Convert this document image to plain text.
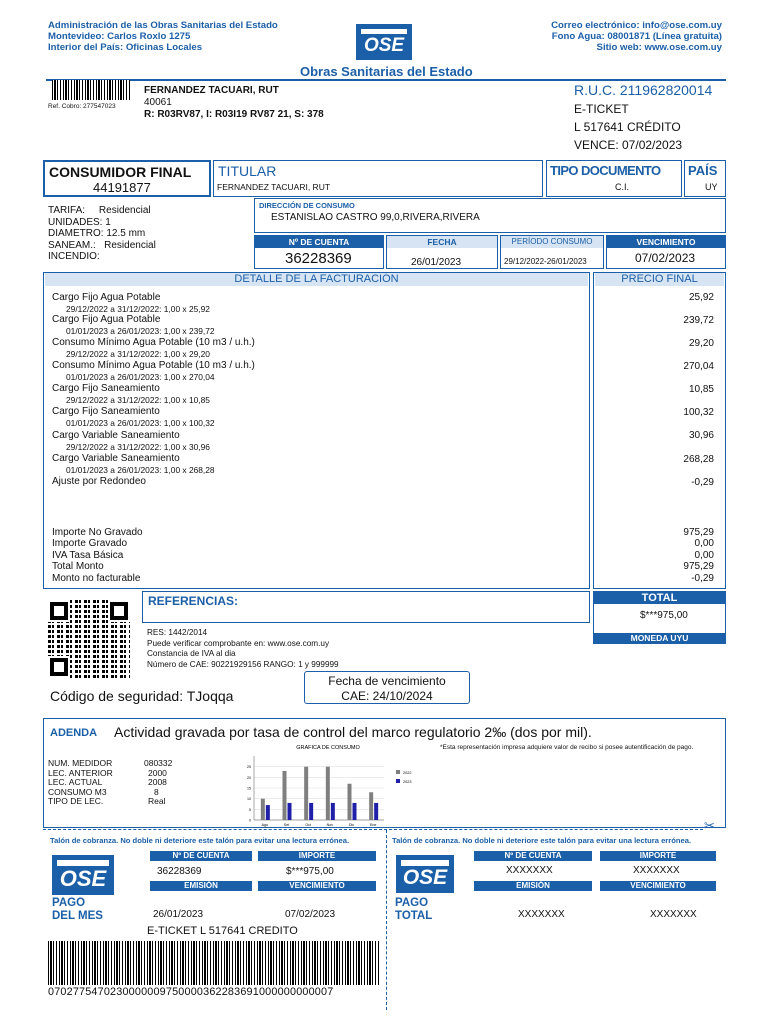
Administración de las Obras Sanitarias del Estado
Montevideo: Carlos Roxlo 1275
Interior del País: Oficinas Locales
Correo electrónico: info@ose.com.uy
Fono Agua: 08001871 (Línea gratuita)
Sitio web: www.ose.com.uy
OSE
Obras Sanitarias del Estado
Ref. Cobro: 277547023
FERNANDEZ TACUARI, RUT
40061
R: R03RV87, I: R03I19 RV87 21, S: 378
R.U.C. 211962820014
E-TICKET
L 517641 CRÉDITO
VENCE: 07/02/2023
CONSUMIDOR FINAL
44191877
TITULAR
FERNANDEZ TACUARI, RUT
TIPO DOCUMENTO
C.I.
PAÍS
UY
TARIFA:     Residencial
UNIDADES: 1
DIAMETRO: 12.5 mm
SANEAM.:   Residencial
INCENDIO:
DIRECCIÓN DE CONSUMO
ESTANISLAO CASTRO 99,0,RIVERA,RIVERA
Nº DE CUENTA
36228369
FECHA
26/01/2023
PERÍODO CONSUMO
29/12/2022-26/01/2023
VENCIMIENTO
07/02/2023
DETALLE DE LA FACTURACIÓN	PRECIO FINAL
Cargo Fijo Agua Potable
29/12/2022 a 31/12/2022: 1,00 x 25,92
25,92
Cargo Fijo Agua Potable
01/01/2023 a 26/01/2023: 1,00 x 239,72
239,72
Consumo Mínimo Agua Potable (10 m3 / u.h.)
29/12/2022 a 31/12/2022: 1,00 x 29,20
29,20
Consumo Mínimo Agua Potable (10 m3 / u.h.)
01/01/2023 a 26/01/2023: 1,00 x 270,04
270,04
Cargo Fijo Saneamiento
29/12/2022 a 31/12/2022: 1,00 x 10,85
10,85
Cargo Fijo Saneamiento
01/01/2023 a 26/01/2023: 1,00 x 100,32
100,32
Cargo Variable Saneamiento
29/12/2022 a 31/12/2022: 1,00 x 30,96
30,96
Cargo Variable Saneamiento
01/01/2023 a 26/01/2023: 1,00 x 268,28
268,28
Ajuste por Redondeo	-0,29
Importe No Gravado	975,29
Importe Gravado	0,00
IVA Tasa Básica	0,00
Total Monto	975,29
Monto no facturable	-0,29
REFERENCIAS:	TOTAL
$***975,00
MONEDA UYU
RES: 1442/2014
Puede verificar comprobante en: www.ose.com.uy
Constancia de IVA al dia
Número de CAE: 90221929156 RANGO: 1 y 999999
Código de seguridad: TJoqqa
Fecha de vencimiento
CAE: 24/10/2024
ADENDA Actividad gravada por tasa de control del marco regulatorio 2‰ (dos por mil).
*Esta representación impresa adquiere valor de recibo si posee autentificación de pago.
NUM. MEDIDOR	080332
LEC. ANTERIOR	2000
LEC. ACTUAL	2008
CONSUMO M3	8
TIPO DE LEC.	Real
GRAFICA DE CONSUMO
0
5
10
15
20
25
Ago	Set	Oct	Nov	Dic	Ene
2022
2023
✂
Talón de cobranza. No doble ni deteriore este talón para evitar una lectura errónea.
OSE
Nº DE CUENTA	IMPORTE
36228369	$***975,00
EMISIÓN	VENCIMIENTO
PAGO
DEL MES	26/01/2023	07/02/2023
E-TICKET L 517641 CREDITO
0702775470230000009750000362283691000000000007
Talón de cobranza. No doble ni deteriore este talón para evitar una lectura errónea.
OSE
Nº DE CUENTA	IMPORTE
XXXXXXX	XXXXXXX
EMISIÓN	VENCIMIENTO
PAGO
TOTAL	XXXXXXX	XXXXXXX
